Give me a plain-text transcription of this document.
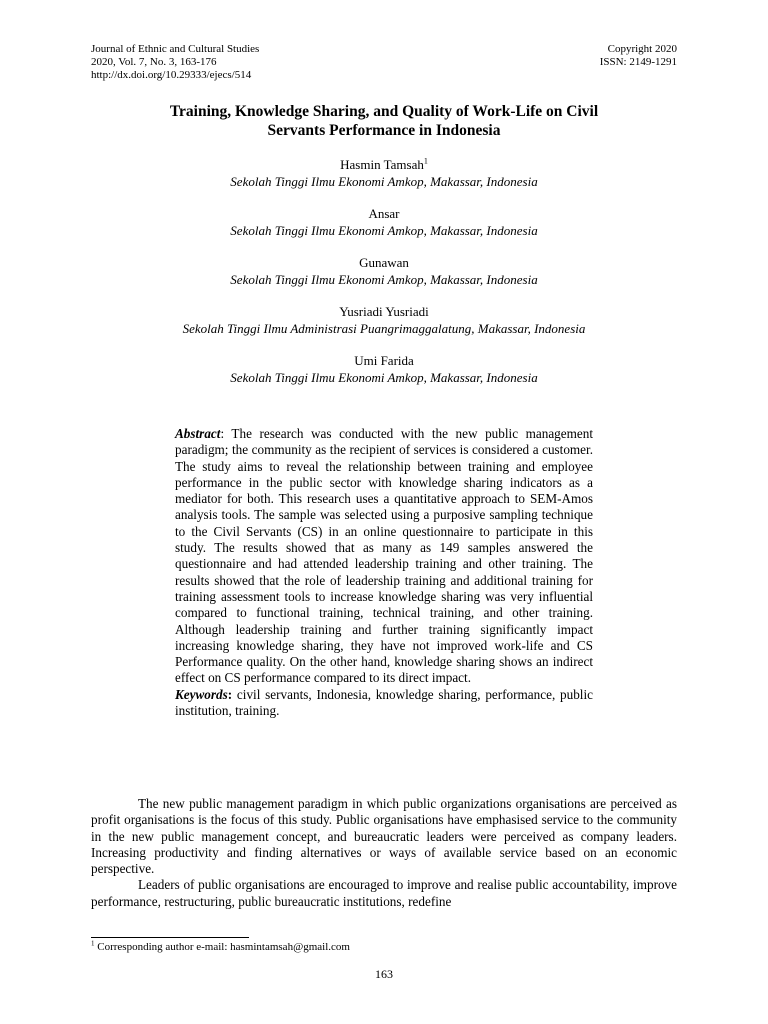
Journal of Ethnic and Cultural Studies
2020, Vol. 7, No. 3, 163-176
http://dx.doi.org/10.29333/ejecs/514
Copyright 2020
ISSN: 2149-1291
Training, Knowledge Sharing, and Quality of Work-Life on Civil
Servants Performance in Indonesia
Hasmin Tamsah$^1$
Sekolah Tinggi Ilmu Ekonomi Amkop, Makassar, Indonesia
Ansar
Sekolah Tinggi Ilmu Ekonomi Amkop, Makassar, Indonesia
Gunawan
Sekolah Tinggi Ilmu Ekonomi Amkop, Makassar, Indonesia
Yusriadi Yusriadi
Sekolah Tinggi Ilmu Administrasi Puangrimaggalatung, Makassar, Indonesia
Umi Farida
Sekolah Tinggi Ilmu Ekonomi Amkop, Makassar, Indonesia
Abstract: The research was conducted with the new public management paradigm; the community as the recipient of services is considered a customer. The study aims to reveal the relationship between training and employee performance in the public sector with knowledge sharing indicators as a mediator for both. This research uses a quantitative approach to SEM-Amos analysis tools. The sample was selected using a purposive sampling technique to the Civil Servants (CS) in an online questionnaire to participate in this study. The results showed that as many as 149 samples answered the questionnaire and had attended leadership training and other training. The results showed that the role of leadership training and additional training for training assessment tools to increase knowledge sharing was very influential compared to functional training, technical training, and other training. Although leadership training and further training significantly impact increasing knowledge sharing, they have not improved work-life and CS Performance quality. On the other hand, knowledge sharing shows an indirect effect on CS performance compared to its direct impact.
Keywords: civil servants, Indonesia, knowledge sharing, performance, public institution, training.

The new public management paradigm in which public organizations organisations are perceived as profit organisations is the focus of this study. Public organisations have emphasised service to the community in the new public management concept, and bureaucratic leaders were perceived as company leaders. Increasing productivity and finding alternatives or ways of available service based on an economic perspective.

Leaders of public organisations are encouraged to improve and realise public accountability, improve performance, restructuring, public bureaucratic institutions, redefine

$^1$ Corresponding author e-mail: hasmintamsah@gmail.com
163
